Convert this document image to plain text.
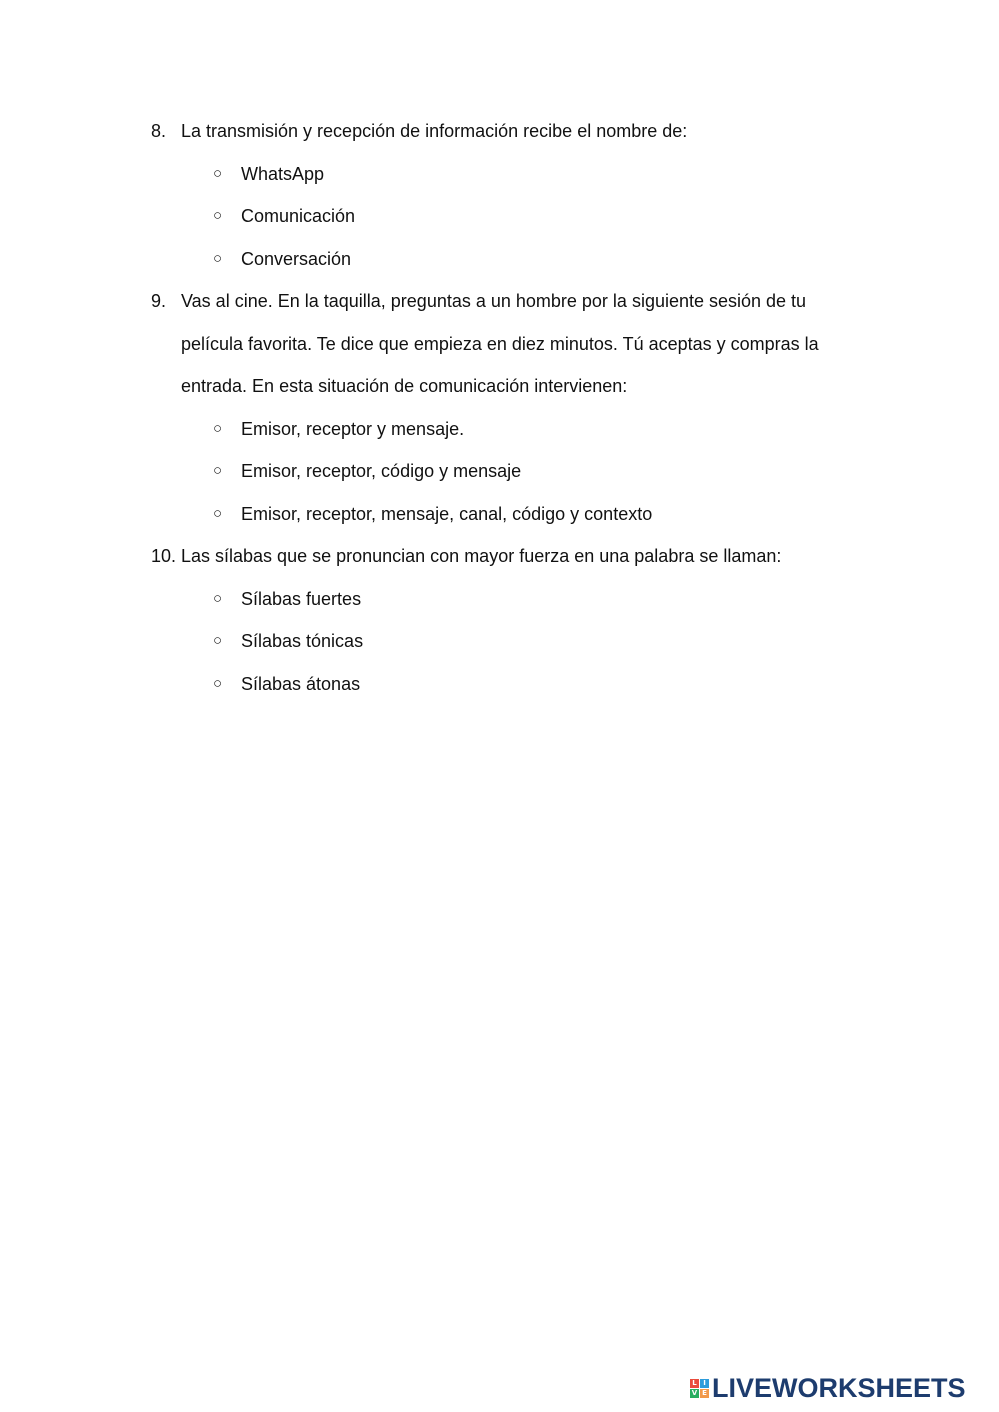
8. La transmisión y recepción de información recibe el nombre de:
○ WhatsApp
○ Comunicación
○ Conversación
9. Vas al cine. En la taquilla, preguntas a un hombre por la siguiente sesión de tu película favorita. Te dice que empieza en diez minutos. Tú aceptas y compras la entrada. En esta situación de comunicación intervienen:
○ Emisor, receptor y mensaje.
○ Emisor, receptor, código y mensaje
○ Emisor, receptor, mensaje, canal, código y contexto
10. Las sílabas que se pronuncian con mayor fuerza en una palabra se llaman:
○ Sílabas fuertes
○ Sílabas tónicas
○ Sílabas átonas
L I
V E LIVEWORKSHEETS
